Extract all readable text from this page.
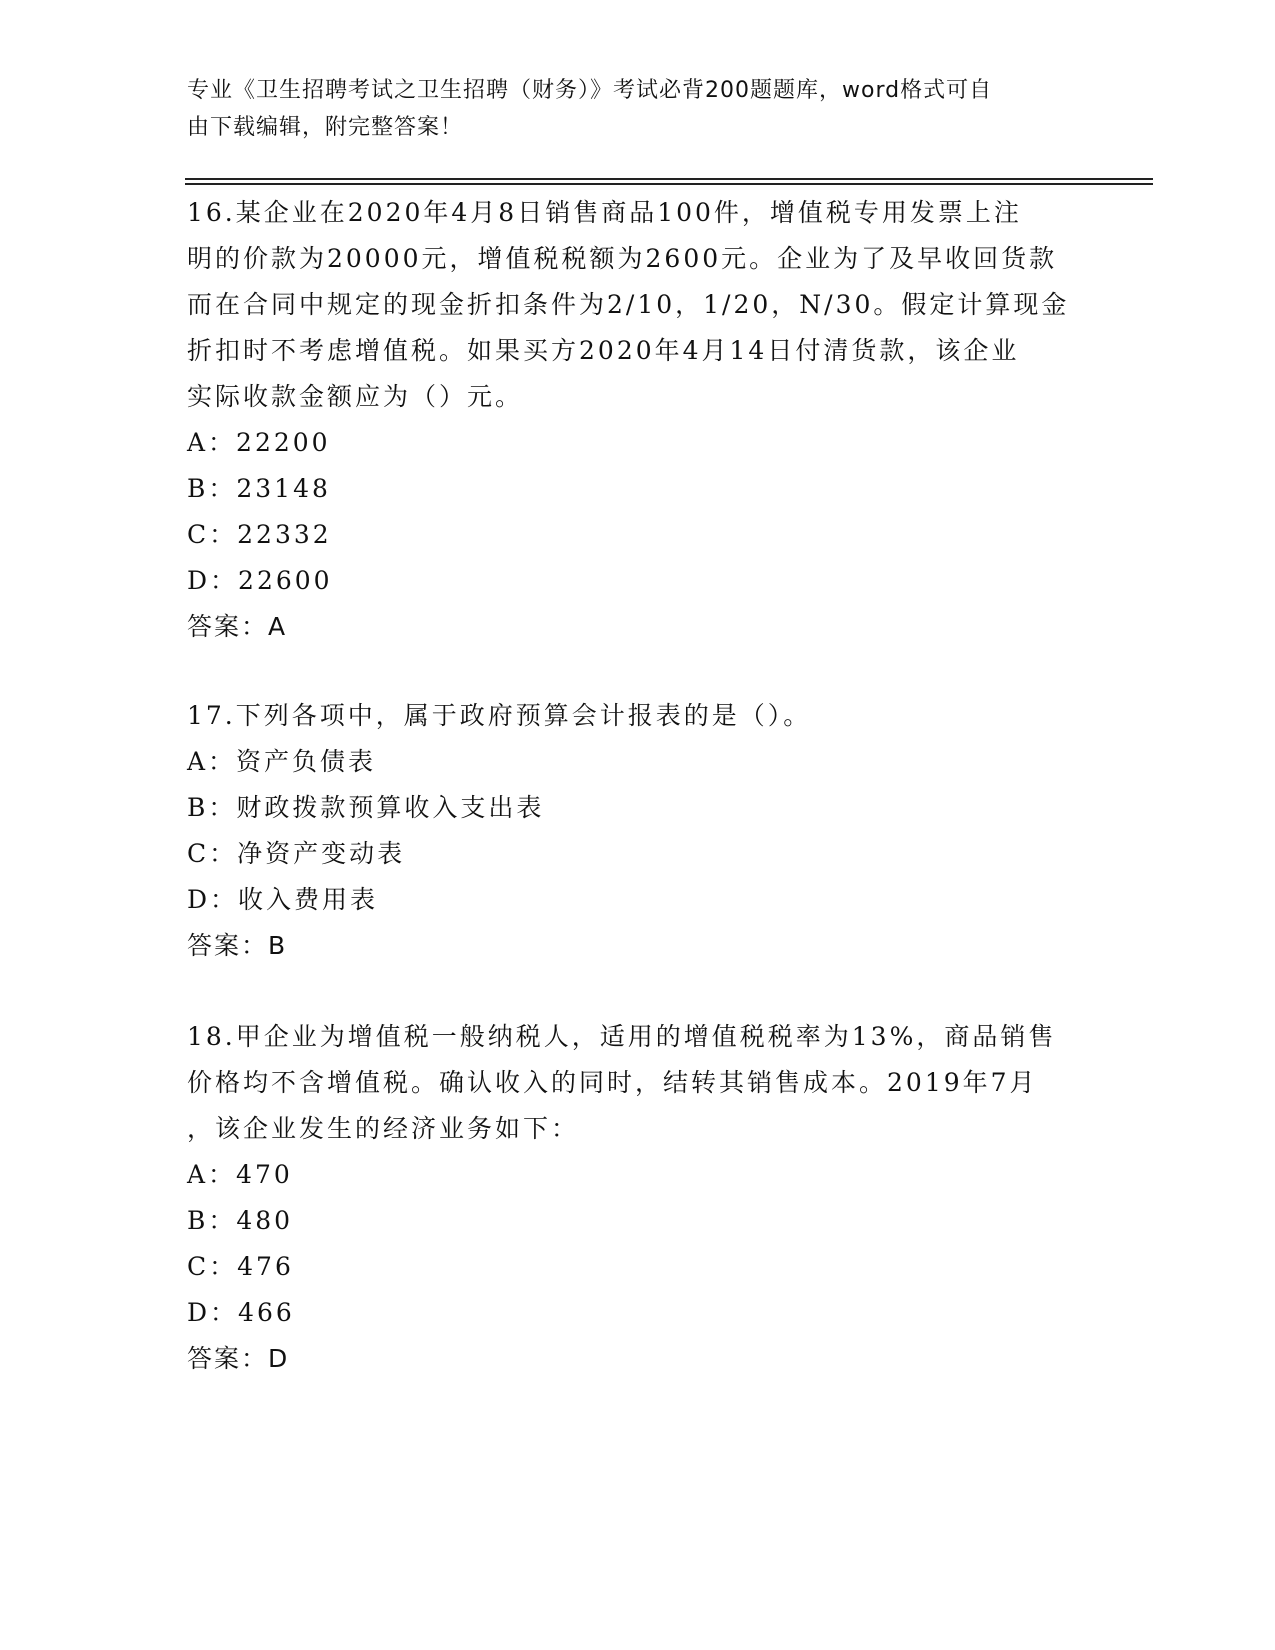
专业《卫生招聘考试之卫生招聘（财务）》考试必背200题题库，word格式可自
由下载编辑，附完整答案！

16.某企业在2020年4月8日销售商品100件，增值税专用发票上注

明的价款为20000元，增值税税额为2600元。企业为了及早收回货款

而在合同中规定的现金折扣条件为2/10，1/20，N/30。假定计算现金

折扣时不考虑增值税。如果买方2020年4月14日付清货款，该企业

实际收款金额应为（）元。

A：22200

B：23148

C：22332

D：22600

答案：A

17.下列各项中，属于政府预算会计报表的是（）。

A：资产负债表

B：财政拨款预算收入支出表

C：净资产变动表

D：收入费用表

答案：B

18.甲企业为增值税一般纳税人，适用的增值税税率为13%，商品销售

价格均不含增值税。确认收入的同时，结转其销售成本。2019年7月

，该企业发生的经济业务如下：

A：470

B：480

C：476

D：466

答案：D
